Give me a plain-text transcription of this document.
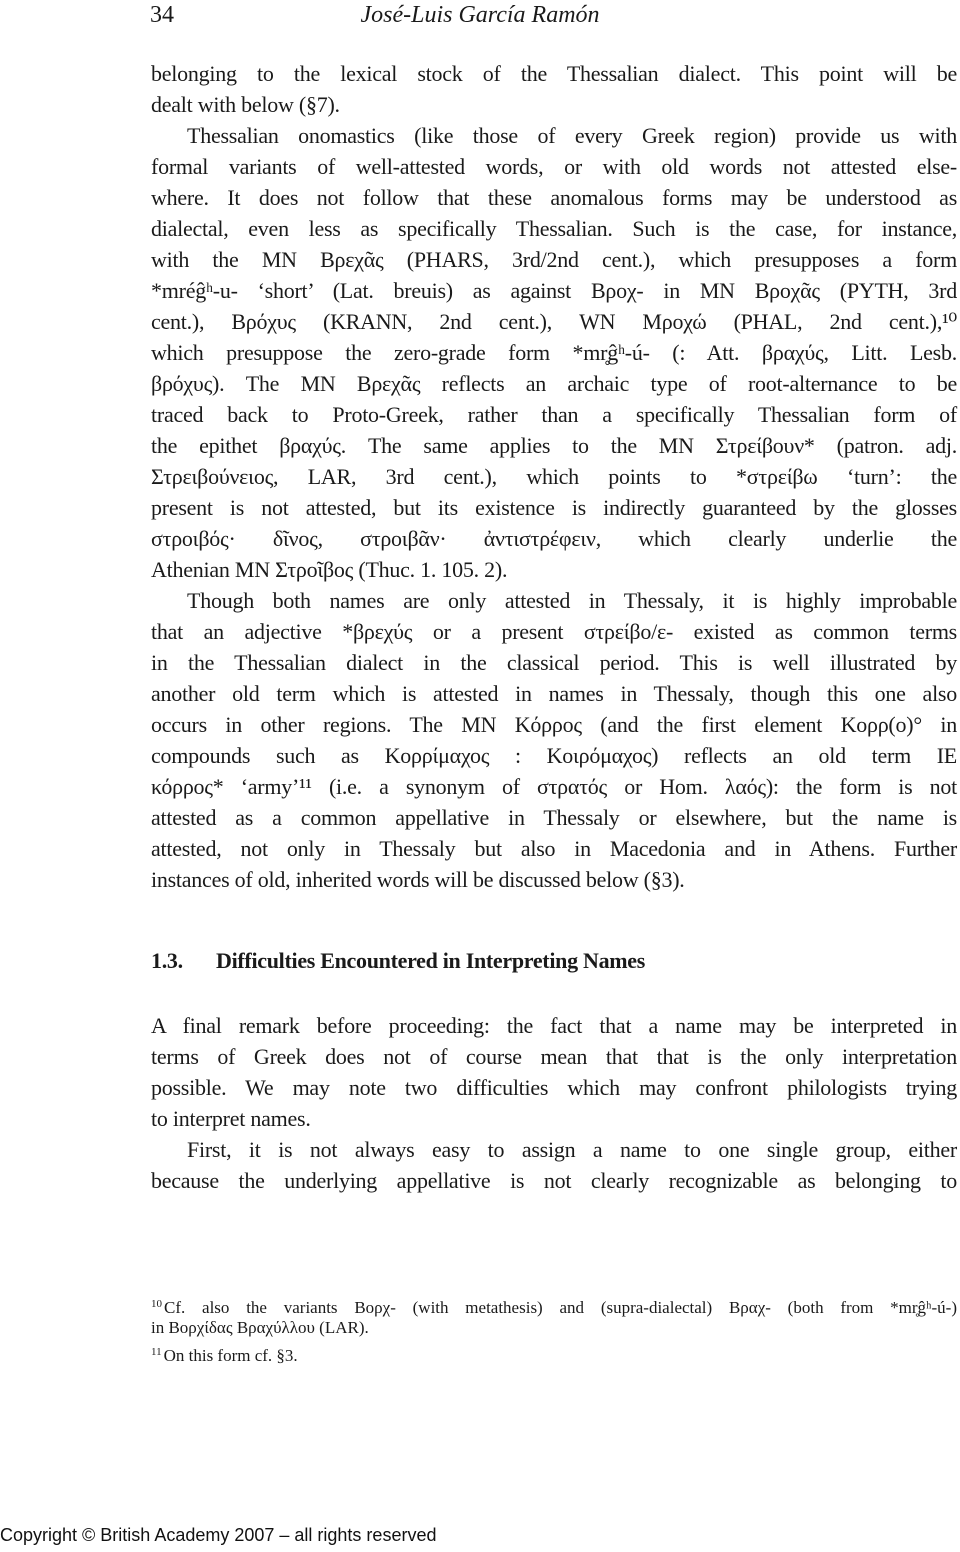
34	José-Luis García Ramón
belonging to the lexical stock of the Thessalian dialect. This point will be
dealt with below (§7).
Thessalian onomastics (like those of every Greek region) provide us with
formal variants of well-attested words, or with old words not attested else-
where. It does not follow that these anomalous forms may be understood as
dialectal, even less as specifically Thessalian. Such is the case, for instance,
with the MN Βρεχᾶς (PHARS, 3rd/2nd cent.), which presupposes a form
*mréĝʰ-u- ‘short’ (Lat. breuis) as against Βροχ- in MN Βροχᾶς (PYTH, 3rd
cent.), Βρόχυς (KRANN, 2nd cent.), WN Μροχώ (PHAL, 2nd cent.),¹⁰
which presuppose the zero-grade form *mr̥ĝʰ-ú- (: Att. βραχύς, Litt. Lesb.
βρόχυς). The MN Βρεχᾶς reflects an archaic type of root-alternance to be
traced back to Proto-Greek, rather than a specifically Thessalian form of
the epithet βραχύς. The same applies to the MN Στρείβουν* (patron. adj.
Στρειβούνειος, LAR, 3rd cent.), which points to *στρείβω ‘turn’: the
present is not attested, but its existence is indirectly guaranteed by the glosses
στροιβός· δῖνος, στροιβᾶν· ἀντιστρέφειν, which clearly underlie the
Athenian MN Στροῖβος (Thuc. 1. 105. 2).
Though both names are only attested in Thessaly, it is highly improbable
that an adjective *βρεχύς or a present στρείβο/ε- existed as common terms
in the Thessalian dialect in the classical period. This is well illustrated by
another old term which is attested in names in Thessaly, though this one also
occurs in other regions. The MN Κόρρος (and the first element Κορρ(ο)° in
compounds such as Κορρίμαχος : Κοιρόμαχος) reflects an old term IE
κόρρος* ‘army’¹¹ (i.e. a synonym of στρατός or Hom. λαός): the form is not
attested as a common appellative in Thessaly or elsewhere, but the name is
attested, not only in Thessaly but also in Macedonia and in Athens. Further
instances of old, inherited words will be discussed below (§3).
1.3. Difficulties Encountered in Interpreting Names
A final remark before proceeding: the fact that a name may be interpreted in
terms of Greek does not of course mean that that is the only interpretation
possible. We may note two difficulties which may confront philologists trying
to interpret names.
First, it is not always easy to assign a name to one single group, either
because the underlying appellative is not clearly recognizable as belonging to
$^{10}$ Cf. also the variants Βορχ- (with metathesis) and (supra-dialectal) Βραχ- (both from *mr̥ĝʰ-ú-)
in Βορχίδας Βραχύλλου (LAR).
$^{11}$ On this form cf. §3.
Copyright © British Academy 2007 – all rights reserved
